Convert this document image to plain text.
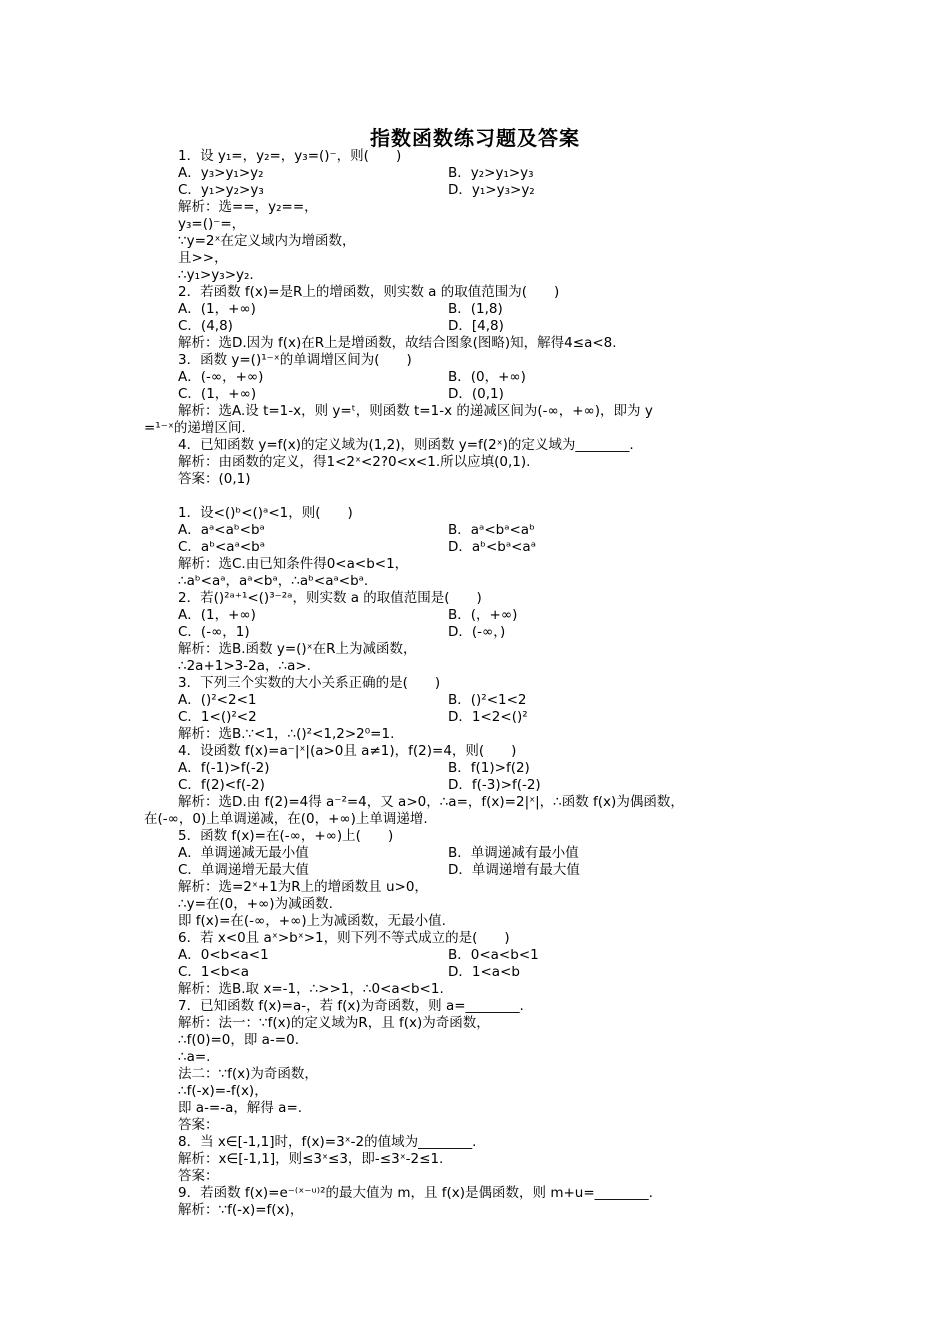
指数函数练习题及答案
1．设 y₁=，y₂=，y₃=()⁻，则(　　)
A．y₃>y₁>y₂	B．y₂>y₁>y₃
C．y₁>y₂>y₃	D．y₁>y₃>y₂
解析：选==，y₂==，
y₃=()⁻=，
∵y=2ˣ在定义域内为增函数，
且>>，
∴y₁>y₃>y₂.
2．若函数 f(x)=是R上的增函数，则实数 a 的取值范围为(　　)
A．(1，+∞)	B．(1,8)
C．(4,8)	D．[4,8)
解析：选D.因为 f(x)在R上是增函数，故结合图象(图略)知，解得4≤a<8.
3．函数 y=()¹⁻ˣ的单调增区间为(　　)
A．(-∞，+∞)	B．(0，+∞)
C．(1，+∞)	D．(0,1)
解析：选A.设 t=1-x，则 y=ᵗ，则函数 t=1-x 的递减区间为(-∞，+∞)，即为 y
=¹⁻ˣ的递增区间.
4．已知函数 y=f(x)的定义域为(1,2)，则函数 y=f(2ˣ)的定义域为________.
解析：由函数的定义，得1<2ˣ<2?0<x<1.所以应填(0,1).
答案：(0,1)
1．设<()ᵇ<()ᵃ<1，则(　　)
A．aᵃ<aᵇ<bᵃ	B．aᵃ<bᵃ<aᵇ
C．aᵇ<aᵃ<bᵃ	D．aᵇ<bᵃ<aᵃ
解析：选C.由已知条件得0<a<b<1，
∴aᵇ<aᵃ，aᵃ<bᵃ，∴aᵇ<aᵃ<bᵃ.
2．若()²ᵃ⁺¹<()³⁻²ᵃ，则实数 a 的取值范围是(　　)
A．(1，+∞)	B．(，+∞)
C．(-∞，1)	D．(-∞，)
解析：选B.函数 y=()ˣ在R上为减函数，
∴2a+1>3-2a，∴a>.
3．下列三个实数的大小关系正确的是(　　)
A．()²<2<1	B．()²<1<2
C．1<()²<2	D．1<2<()²
解析：选B.∵<1，∴()²<1,2>2⁰=1.
4．设函数 f(x)=a⁻|ˣ|(a>0且 a≠1)，f(2)=4，则(　　)
A．f(-1)>f(-2)	B．f(1)>f(2)
C．f(2)<f(-2)	D．f(-3)>f(-2)
解析：选D.由 f(2)=4得 a⁻²=4，又 a>0，∴a=，f(x)=2|ˣ|，∴函数 f(x)为偶函数，
在(-∞，0)上单调递减，在(0，+∞)上单调递增.
5．函数 f(x)=在(-∞，+∞)上(　　)
A．单调递减无最小值	B．单调递减有最小值
C．单调递增无最大值	D．单调递增有最大值
解析：选=2ˣ+1为R上的增函数且 u>0，
∴y=在(0，+∞)为减函数.
即 f(x)=在(-∞，+∞)上为减函数，无最小值.
6．若 x<0且 aˣ>bˣ>1，则下列不等式成立的是(　　)
A．0<b<a<1	B．0<a<b<1
C．1<b<a	D．1<a<b
解析：选B.取 x=-1，∴>>1，∴0<a<b<1.
7．已知函数 f(x)=a-，若 f(x)为奇函数，则 a=________.
解析：法一：∵f(x)的定义域为R，且 f(x)为奇函数，
∴f(0)=0，即 a-=0.
∴a=.
法二：∵f(x)为奇函数，
∴f(-x)=-f(x)，
即 a-=-a，解得 a=.
答案：
8．当 x∈[-1,1]时，f(x)=3ˣ-2的值域为________.
解析：x∈[-1,1]，则≤3ˣ≤3，即-≤3ˣ-2≤1.
答案：
9．若函数 f(x)=e⁻⁽ˣ⁻ᵘ⁾²的最大值为 m，且 f(x)是偶函数，则 m+u=________.
解析：∵f(-x)=f(x)，
